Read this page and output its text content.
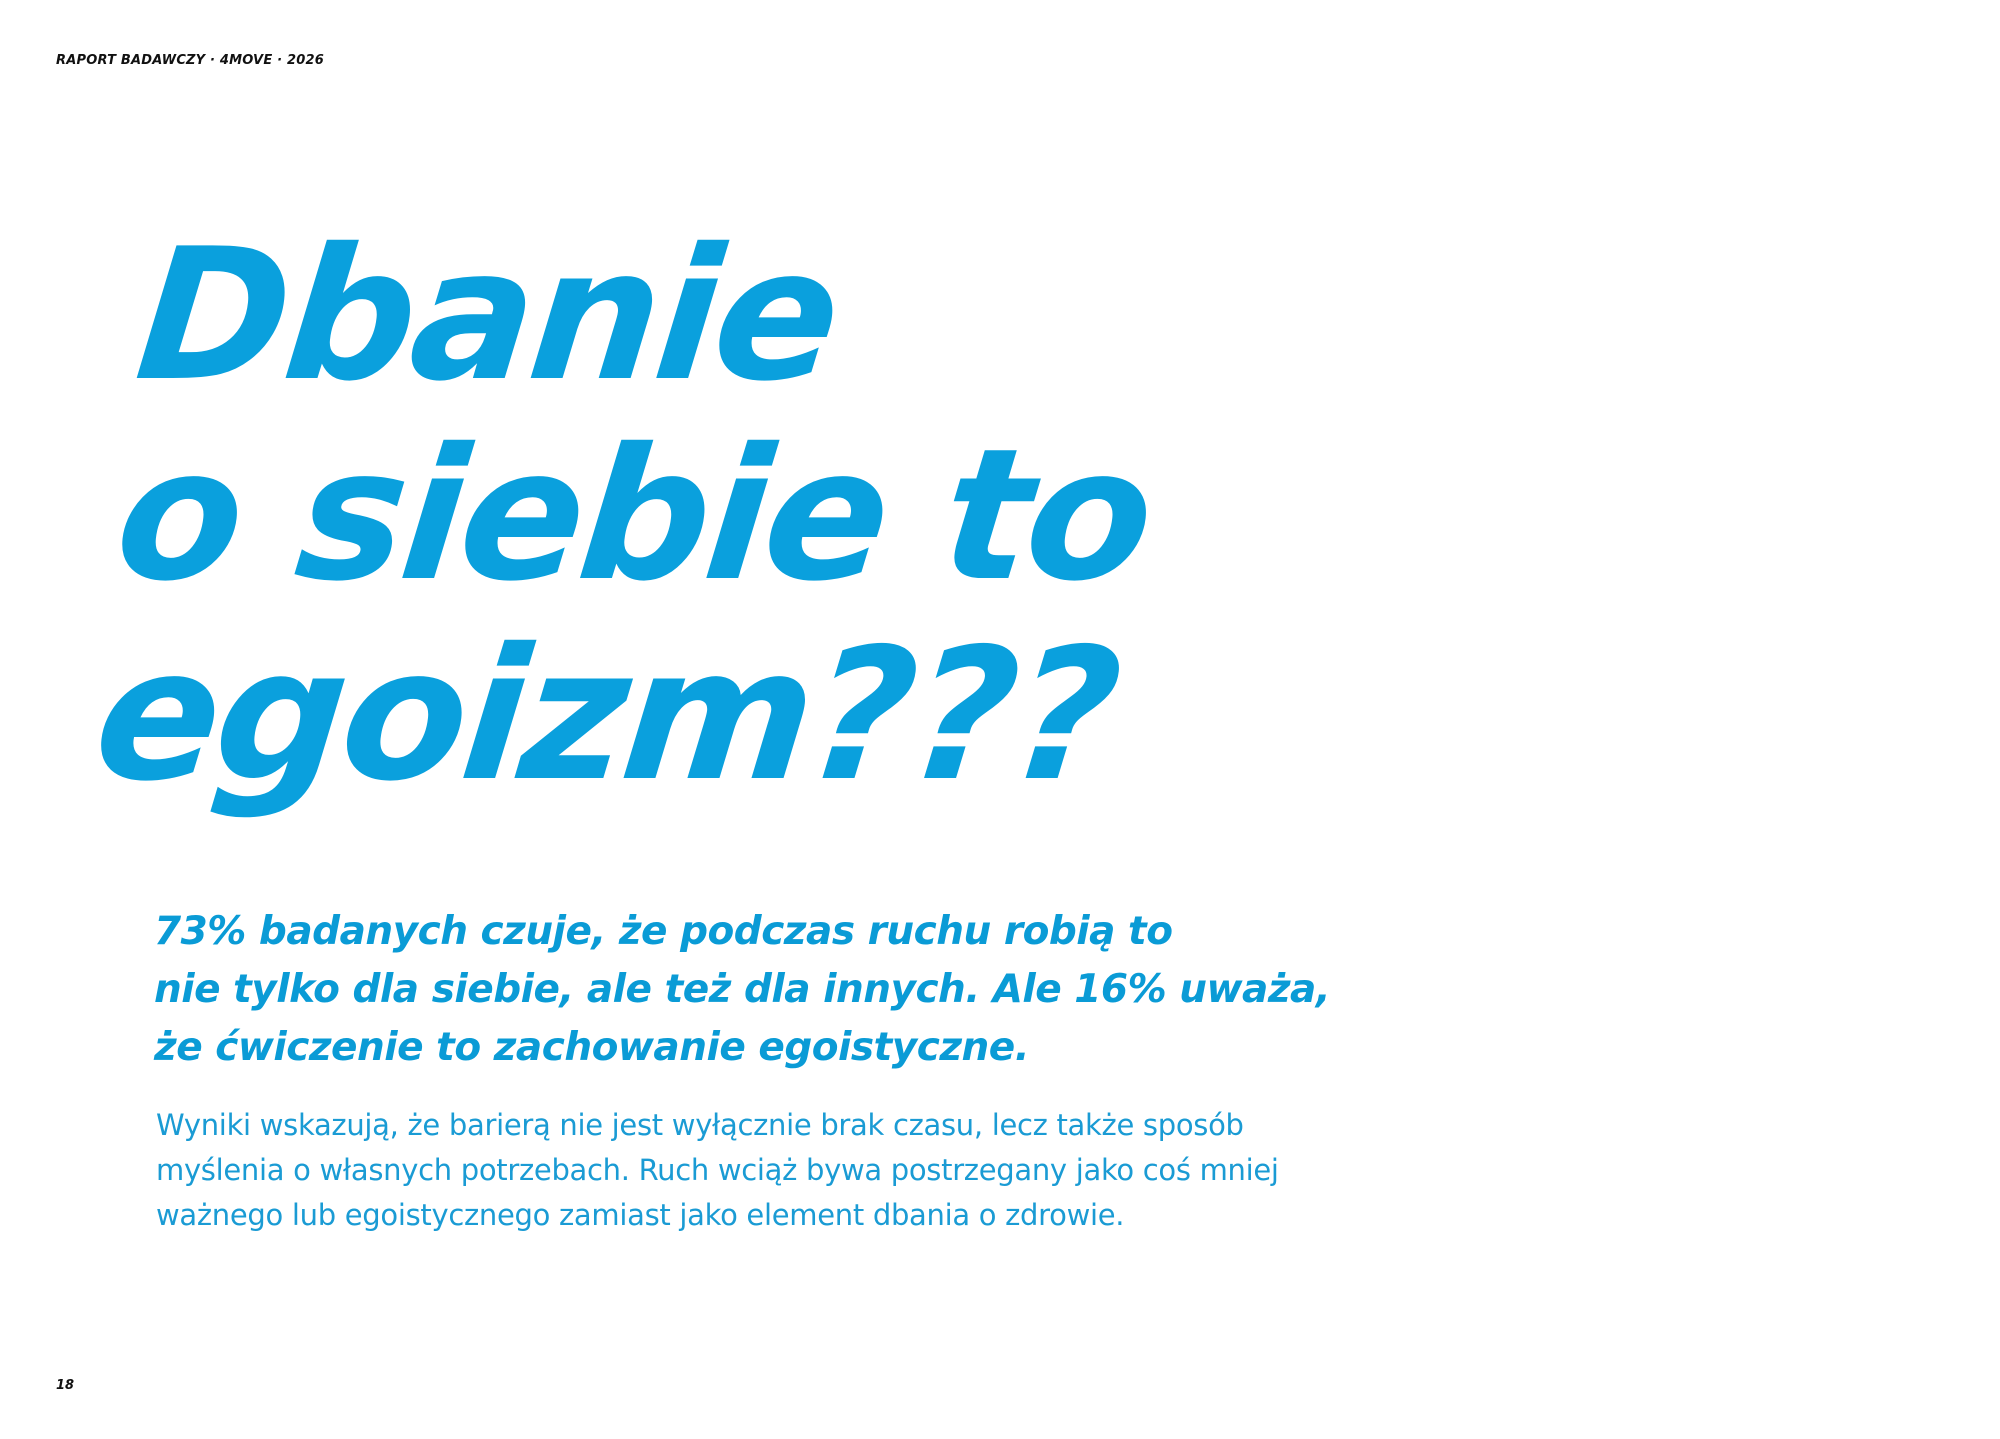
RAPORT BADAWCZY · 4MOVE · 2026
Dbanie
o siebie to
egoizm???

73% badanych czuje, że podczas ruchu robią to
nie tylko dla siebie, ale też dla innych. Ale 16% uważa,
że ćwiczenie to zachowanie egoistyczne.

Wyniki wskazują, że barierą nie jest wyłącznie brak czasu, lecz także sposób
myślenia o własnych potrzebach. Ruch wciąż bywa postrzegany jako coś mniej
ważnego lub egoistycznego zamiast jako element dbania o zdrowie.

18
